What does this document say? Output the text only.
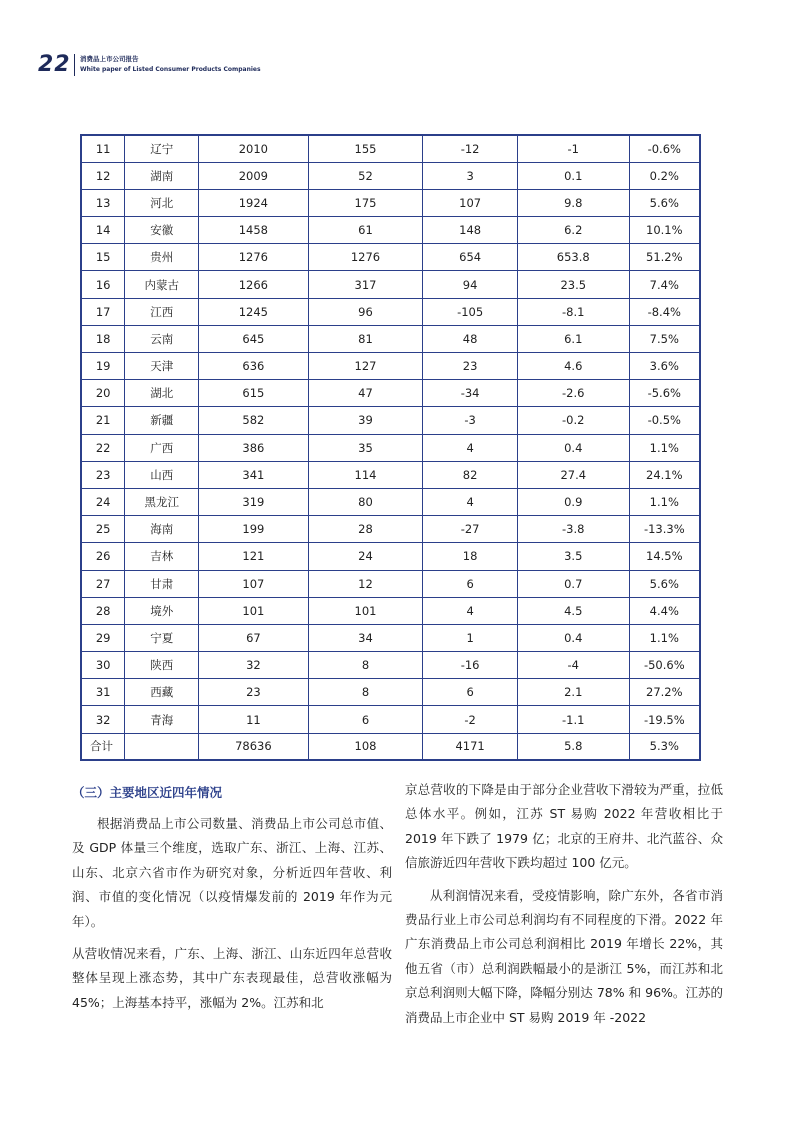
22 消费品上市公司报告
White paper of Listed Consumer Products Companies
11	辽宁	2010	155	-12	-1	-0.6%
12	湖南	2009	52	3	0.1	0.2%
13	河北	1924	175	107	9.8	5.6%
14	安徽	1458	61	148	6.2	10.1%
15	贵州	1276	1276	654	653.8	51.2%
16	内蒙古	1266	317	94	23.5	7.4%
17	江西	1245	96	-105	-8.1	-8.4%
18	云南	645	81	48	6.1	7.5%
19	天津	636	127	23	4.6	3.6%
20	湖北	615	47	-34	-2.6	-5.6%
21	新疆	582	39	-3	-0.2	-0.5%
22	广西	386	35	4	0.4	1.1%
23	山西	341	114	82	27.4	24.1%
24	黑龙江	319	80	4	0.9	1.1%
25	海南	199	28	-27	-3.8	-13.3%
26	吉林	121	24	18	3.5	14.5%
27	甘肃	107	12	6	0.7	5.6%
28	境外	101	101	4	4.5	4.4%
29	宁夏	67	34	1	0.4	1.1%
30	陕西	32	8	-16	-4	-50.6%
31	西藏	23	8	6	2.1	27.2%
32	青海	11	6	-2	-1.1	-19.5%
合计		78636	108	4171	5.8	5.3%
（三）主要地区近四年情况

根据消费品上市公司数量、消费品上市公司总市值、及 GDP 体量三个维度，选取广东、浙江、上海、江苏、山东、北京六省市作为研究对象，分析近四年营收、利润、市值的变化情况（以疫情爆发前的 2019 年作为元年）。

从营收情况来看，广东、上海、浙江、山东近四年总营收整体呈现上涨态势，其中广东表现最佳，总营收涨幅为 45%；上海基本持平，涨幅为 2%。江苏和北

京总营收的下降是由于部分企业营收下滑较为严重，拉低总体水平。例如，江苏 ST 易购 2022 年营收相比于 2019 年下跌了 1979 亿；北京的王府井、北汽蓝谷、众信旅游近四年营收下跌均超过 100 亿元。

从利润情况来看，受疫情影响，除广东外，各省市消费品行业上市公司总利润均有不同程度的下滑。2022 年广东消费品上市公司总利润相比 2019 年增长 22%，其他五省（市）总利润跌幅最小的是浙江 5%，而江苏和北京总利润则大幅下降，降幅分别达 78% 和 96%。江苏的消费品上市企业中 ST 易购 2019 年 -2022
